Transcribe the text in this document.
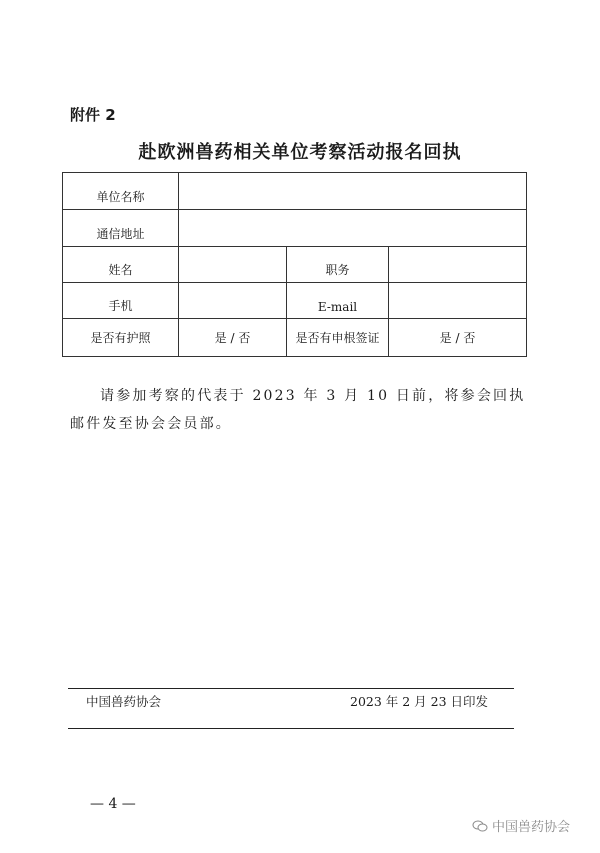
附件 2
赴欧洲兽药相关单位考察活动报名回执
单位名称			
通信地址			
姓名		职务	
手机		E-mail	
是否有护照	是 / 否	是否有申根签证	是 / 否
请参加考察的代表于 2023 年 3 月 10 日前，将参会回执邮件发至协会会员部。
中国兽药协会	2023 年 2 月 23 日印发
— 4 —
中国兽药协会
